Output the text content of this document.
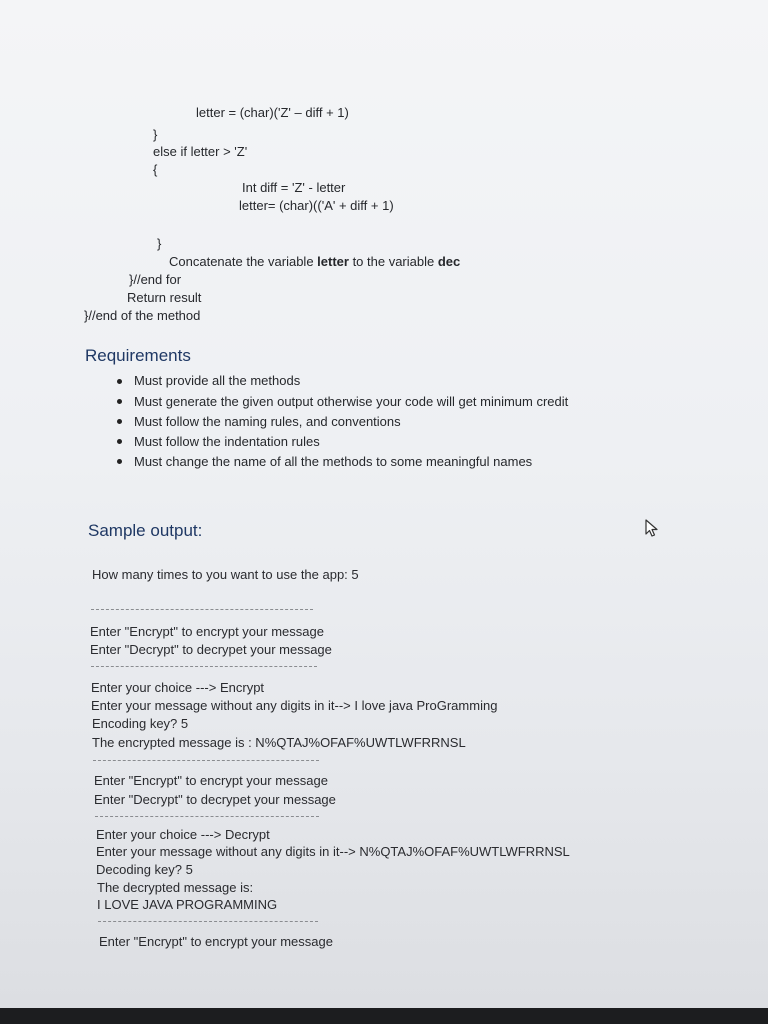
letter = (char)('Z' – diff + 1)
}
else if letter > 'Z'
{
Int diff = 'Z' - letter
letter= (char)(('A' + diff + 1)
}
Concatenate the variable letter to the variable dec
}//end for
Return result
}//end of the method
Requirements
Must provide all the methods
Must generate the given output otherwise your code will get minimum credit
Must follow the naming rules, and conventions
Must follow the indentation rules
Must change the name of all the methods to some meaningful names
Sample output:
How many times to you want to use the app: 5
Enter "Encrypt" to encrypt your message
Enter "Decrypt" to decrypet your message
Enter your choice ---> Encrypt
Enter your message without any digits in it--> I love java ProGramming
Encoding key? 5
The encrypted message is : N%QTAJ%OFAF%UWTLWFRRNSL
Enter "Encrypt" to encrypt your message
Enter "Decrypt" to decrypet your message
Enter your choice ---> Decrypt
Enter your message without any digits in it--> N%QTAJ%OFAF%UWTLWFRRNSL
Decoding key? 5
The decrypted message is:
I LOVE JAVA PROGRAMMING
Enter "Encrypt" to encrypt your message
